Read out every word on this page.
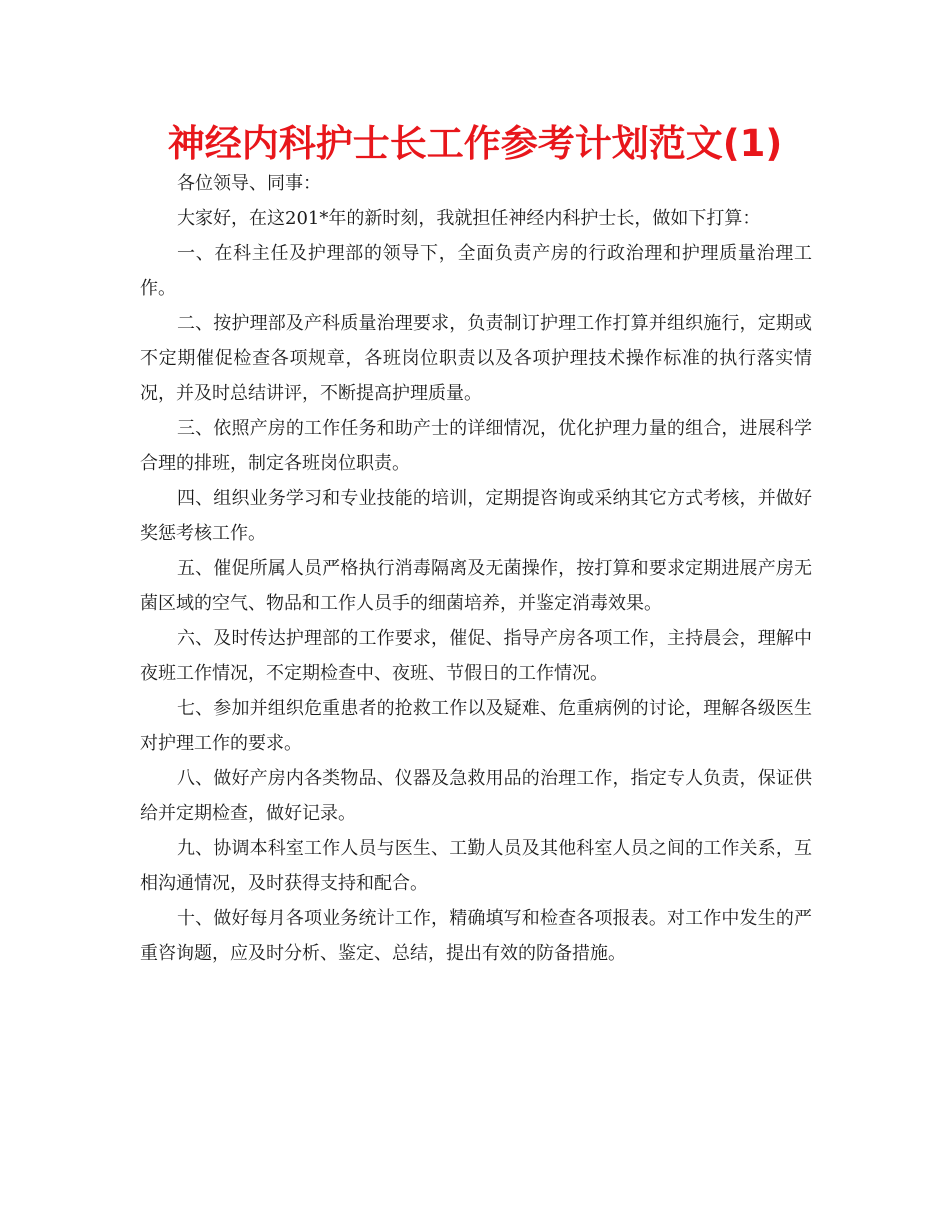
神经内科护士长工作参考计划范文(1)

各位领导、同事：

大家好，在这201*年的新时刻，我就担任神经内科护士长，做如下打算：

一、在科主任及护理部的领导下，全面负责产房的行政治理和护理质量治理工作。

二、按护理部及产科质量治理要求，负责制订护理工作打算并组织施行，定期或不定期催促检查各项规章，各班岗位职责以及各项护理技术操作标准的执行落实情况，并及时总结讲评，不断提高护理质量。

三、依照产房的工作任务和助产士的详细情况，优化护理力量的组合，进展科学合理的排班，制定各班岗位职责。

四、组织业务学习和专业技能的培训，定期提咨询或采纳其它方式考核，并做好奖惩考核工作。

五、催促所属人员严格执行消毒隔离及无菌操作，按打算和要求定期进展产房无菌区域的空气、物品和工作人员手的细菌培养，并鉴定消毒效果。

六、及时传达护理部的工作要求，催促、指导产房各项工作，主持晨会，理解中夜班工作情况，不定期检查中、夜班、节假日的工作情况。

七、参加并组织危重患者的抢救工作以及疑难、危重病例的讨论，理解各级医生对护理工作的要求。

八、做好产房内各类物品、仪器及急救用品的治理工作，指定专人负责，保证供给并定期检查，做好记录。

九、协调本科室工作人员与医生、工勤人员及其他科室人员之间的工作关系，互相沟通情况，及时获得支持和配合。

十、做好每月各项业务统计工作，精确填写和检查各项报表。对工作中发生的严重咨询题，应及时分析、鉴定、总结，提出有效的防备措施。
